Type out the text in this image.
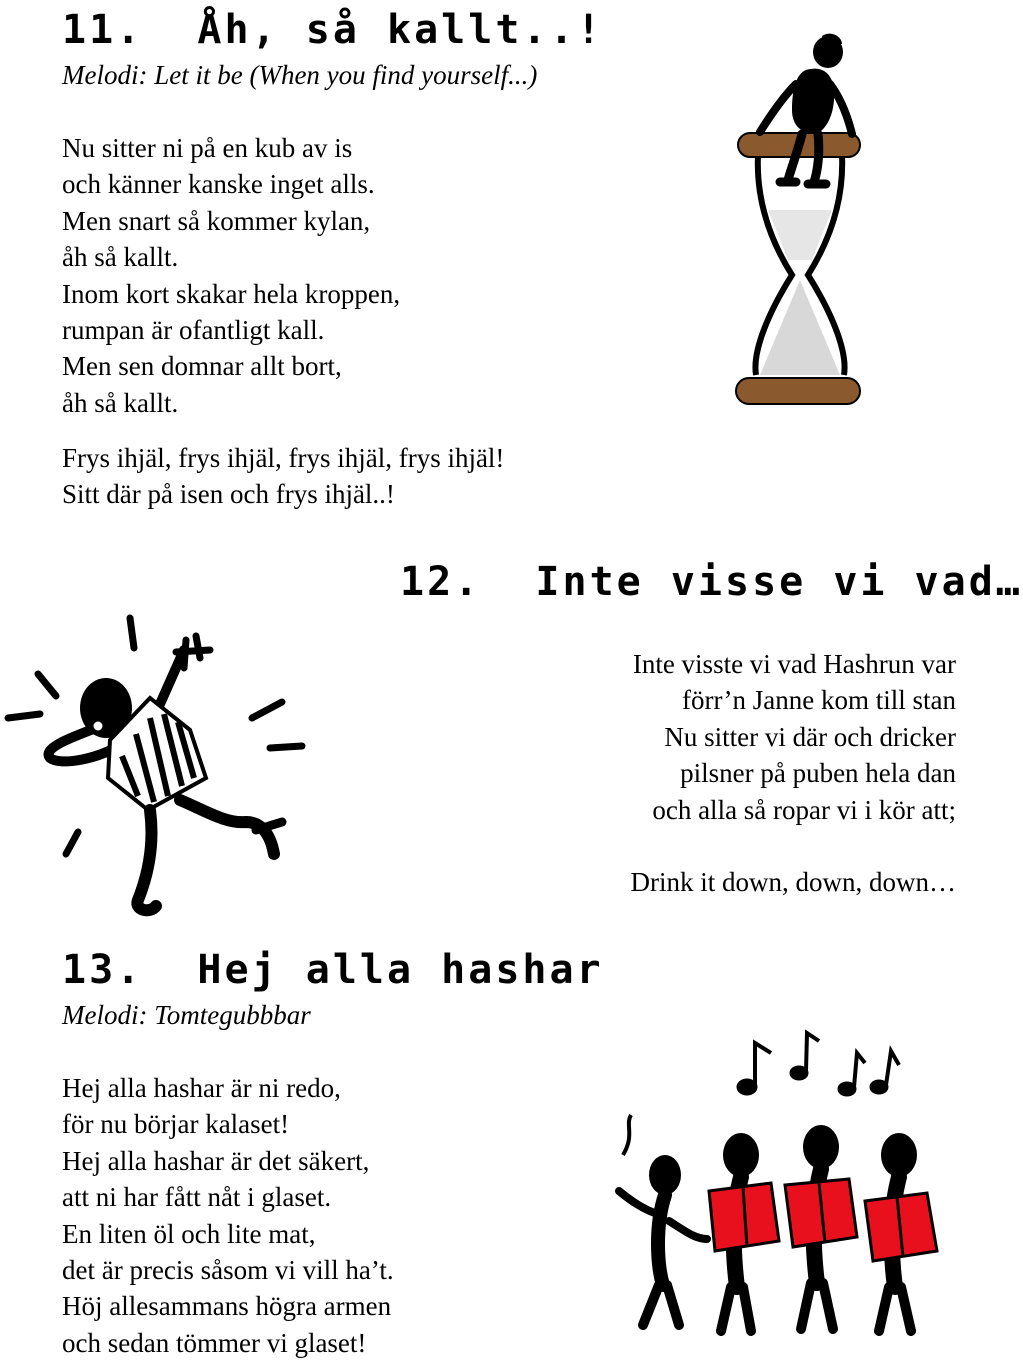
11.  Åh, så kallt..!
Melodi: Let it be (When you find yourself...)
Nu sitter ni på en kub av is
och känner kanske inget alls.
Men snart så kommer kylan,
åh så kallt.
Inom kort skakar hela kroppen,
rumpan är ofantligt kall.
Men sen domnar allt bort,
åh så kallt.
Frys ihjäl, frys ihjäl, frys ihjäl, frys ihjäl!
Sitt där på isen och frys ihjäl..!
12.  Inte visse vi vad…
Inte visste vi vad Hashrun var
förr’n Janne kom till stan
Nu sitter vi där och dricker
pilsner på puben hela dan
och alla så ropar vi i kör att;
Drink it down, down, down…
13.  Hej alla hashar
Melodi: Tomtegubbbar
Hej alla hashar är ni redo,
för nu börjar kalaset!
Hej alla hashar är det säkert,
att ni har fått nåt i glaset.
En liten öl och lite mat,
det är precis såsom vi vill ha’t.
Höj allesammans högra armen
och sedan tömmer vi glaset!
